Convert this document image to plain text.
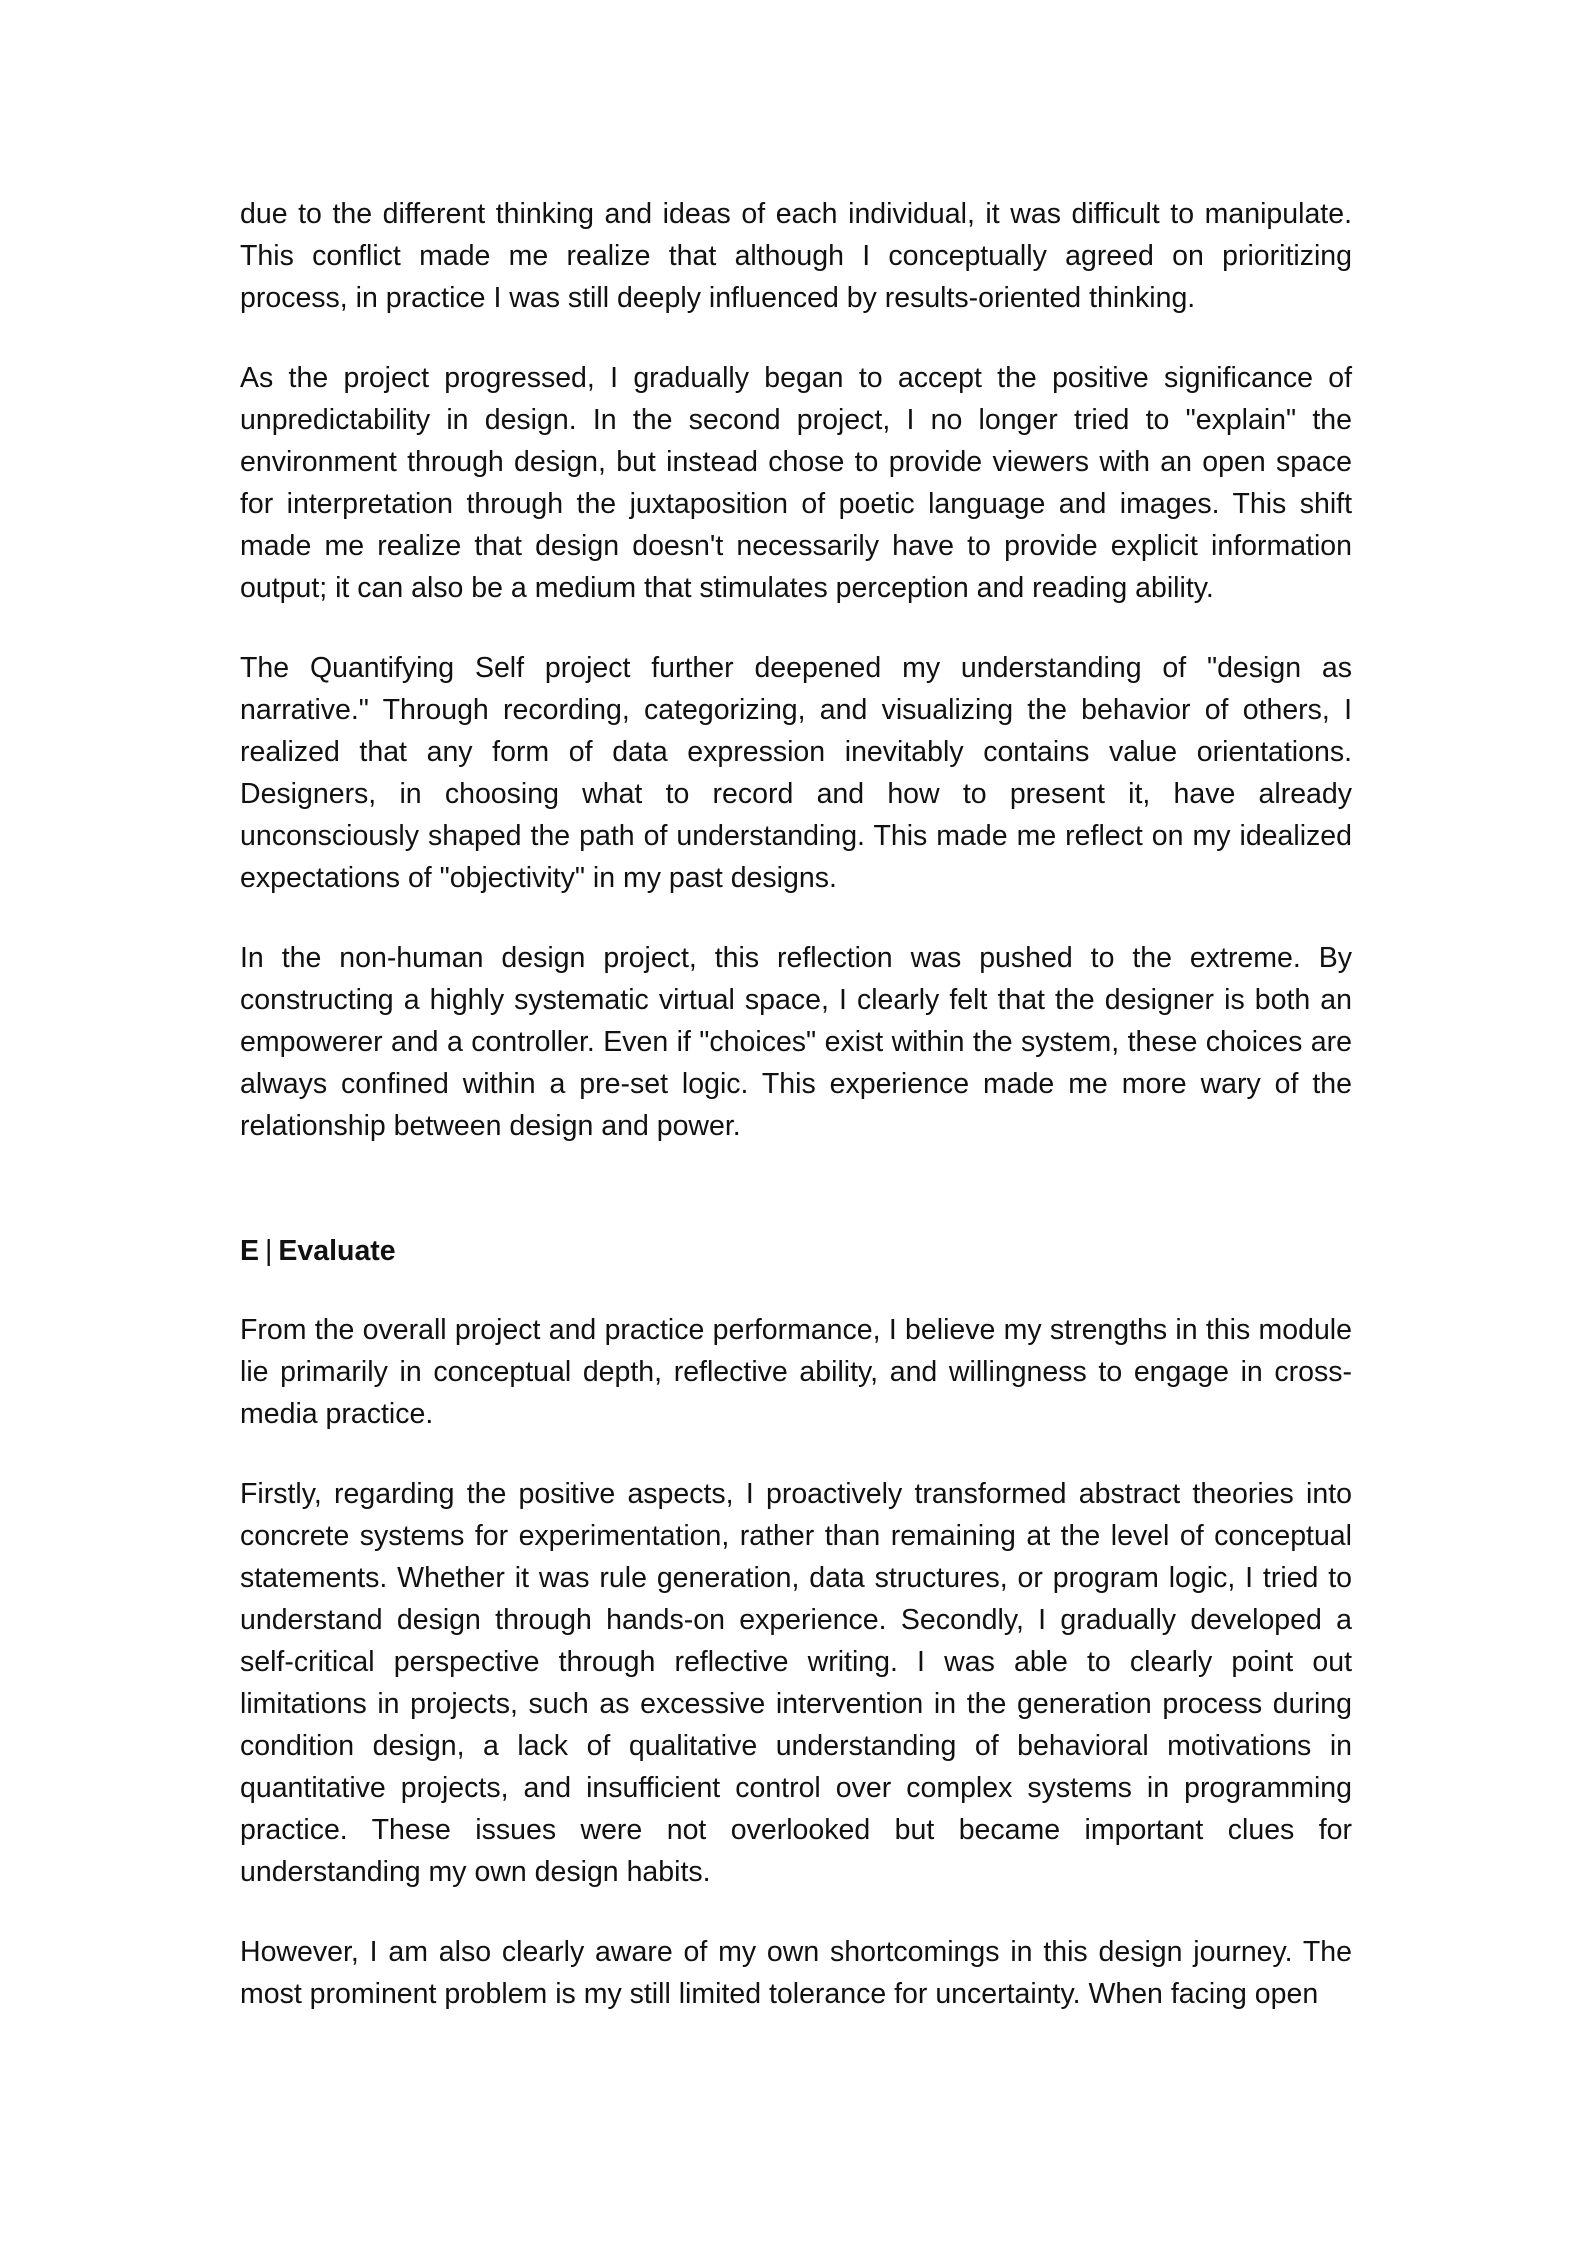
due to the different thinking and ideas of each individual, it was difficult to manipulate. This conflict made me realize that although I conceptually agreed on prioritizing process, in practice I was still deeply influenced by results-oriented thinking.

As the project progressed, I gradually began to accept the positive significance of unpredictability in design. In the second project, I no longer tried to "explain" the environment through design, but instead chose to provide viewers with an open space for interpretation through the juxtaposition of poetic language and images. This shift made me realize that design doesn't necessarily have to provide explicit information output; it can also be a medium that stimulates perception and reading ability.

The Quantifying Self project further deepened my understanding of "design as narrative." Through recording, categorizing, and visualizing the behavior of others, I realized that any form of data expression inevitably contains value orientations. Designers, in choosing what to record and how to present it, have already unconsciously shaped the path of understanding. This made me reflect on my idealized expectations of "objectivity" in my past designs.

In the non-human design project, this reflection was pushed to the extreme. By constructing a highly systematic virtual space, I clearly felt that the designer is both an empowerer and a controller. Even if "choices" exist within the system, these choices are always confined within a pre-set logic. This experience made me more wary of the relationship between design and power.

E | Evaluate

From the overall project and practice performance, I believe my strengths in this module lie primarily in conceptual depth, reflective ability, and willingness to engage in cross-media practice.

Firstly, regarding the positive aspects, I proactively transformed abstract theories into concrete systems for experimentation, rather than remaining at the level of conceptual statements. Whether it was rule generation, data structures, or program logic, I tried to understand design through hands-on experience. Secondly, I gradually developed a self-critical perspective through reflective writing. I was able to clearly point out limitations in projects, such as excessive intervention in the generation process during condition design, a lack of qualitative understanding of behavioral motivations in quantitative projects, and insufficient control over complex systems in programming practice. These issues were not overlooked but became important clues for understanding my own design habits.

However, I am also clearly aware of my own shortcomings in this design journey. The most prominent problem is my still limited tolerance for uncertainty. When facing open
